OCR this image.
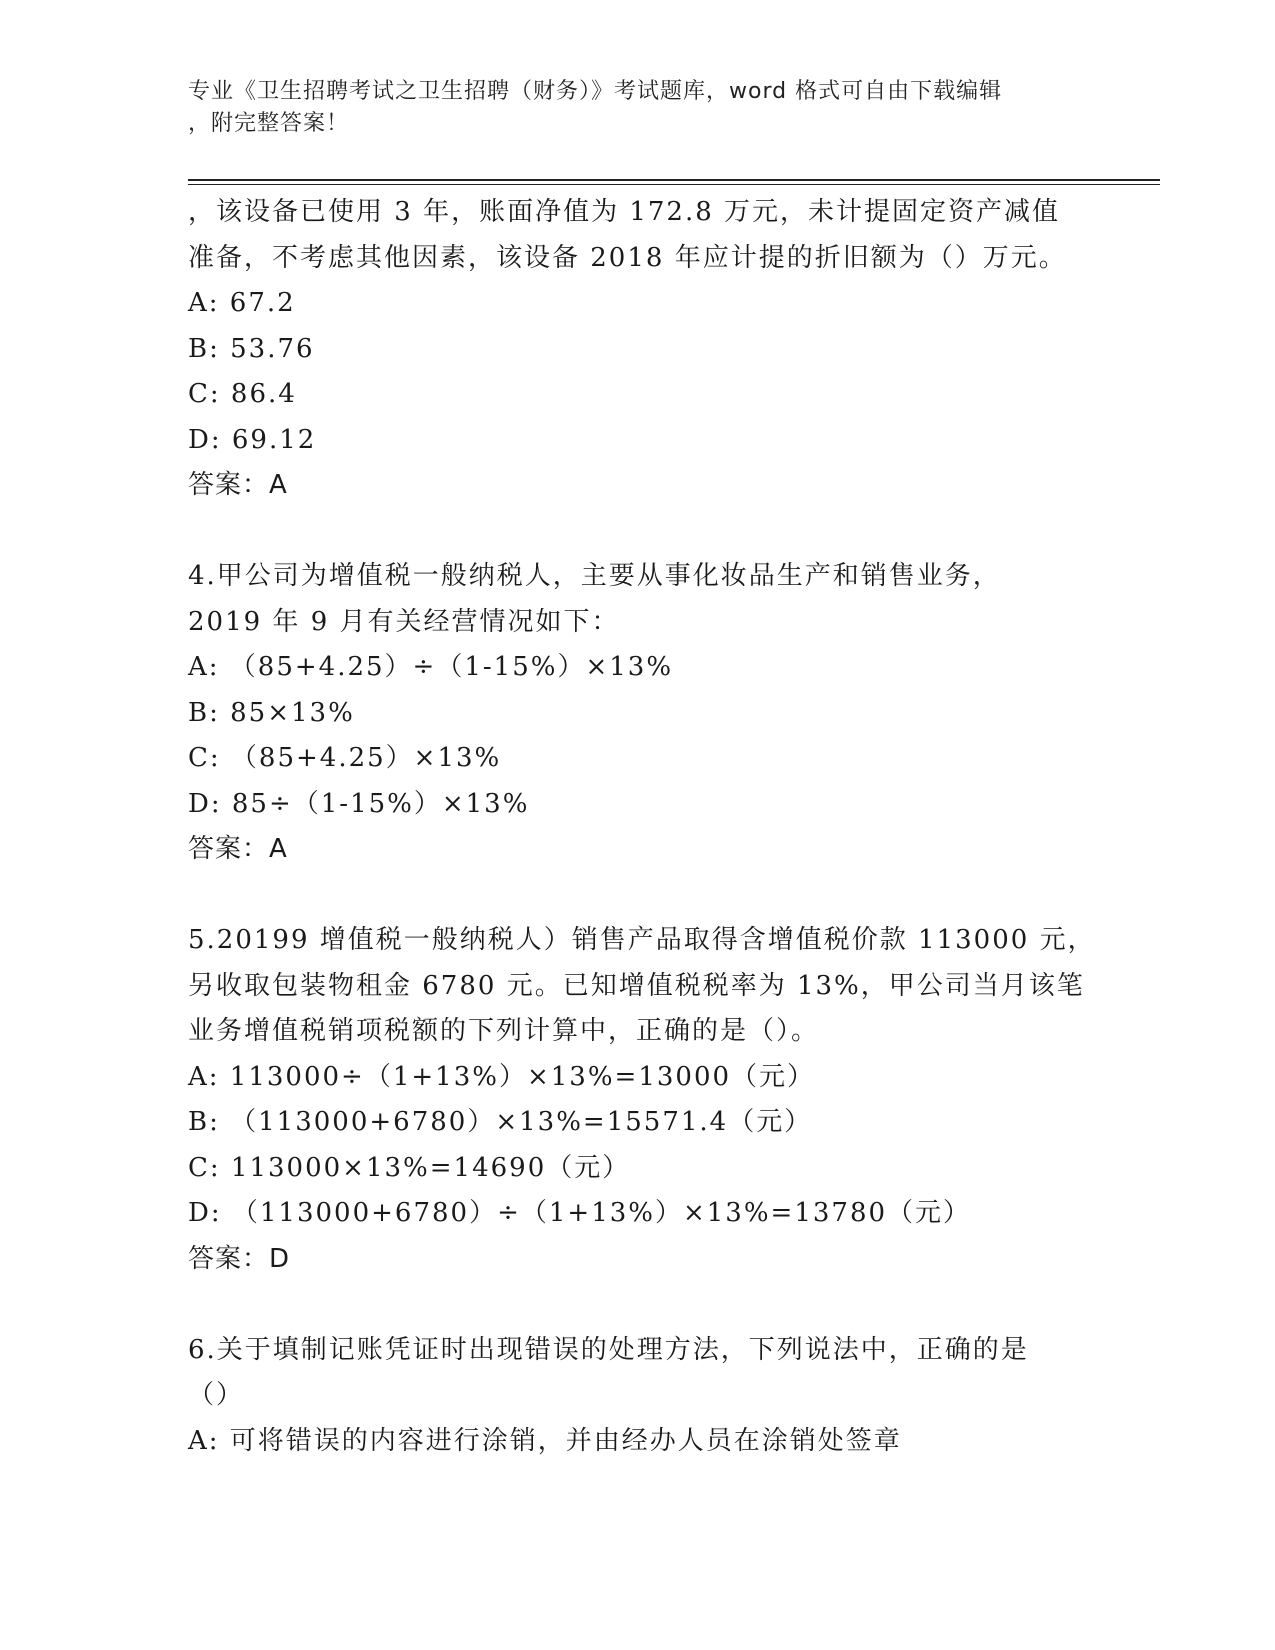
专业《卫生招聘考试之卫生招聘（财务）》考试题库，word 格式可自由下载编辑
，附完整答案！
，该设备已使用 3 年，账面净值为 172.8 万元，未计提固定资产减值
准备，不考虑其他因素，该设备 2018 年应计提的折旧额为（）万元。
A: 67.2
B: 53.76
C: 86.4
D: 69.12
答案：A
4.甲公司为增值税一般纳税人，主要从事化妆品生产和销售业务，
2019 年 9 月有关经营情况如下：
A: （85+4.25）÷（1-15%）×13%
B: 85×13%
C: （85+4.25）×13%
D: 85÷（1-15%）×13%
答案：A
5.20199 增值税一般纳税人）销售产品取得含增值税价款 113000 元，
另收取包装物租金 6780 元。已知增值税税率为 13%，甲公司当月该笔
业务增值税销项税额的下列计算中，正确的是（）。
A: 113000÷（1+13%）×13%=13000（元）
B: （113000+6780）×13%=15571.4（元）
C: 113000×13%=14690（元）
D: （113000+6780）÷（1+13%）×13%=13780（元）
答案：D
6.关于填制记账凭证时出现错误的处理方法，下列说法中，正确的是
（）
A: 可将错误的内容进行涂销，并由经办人员在涂销处签章
